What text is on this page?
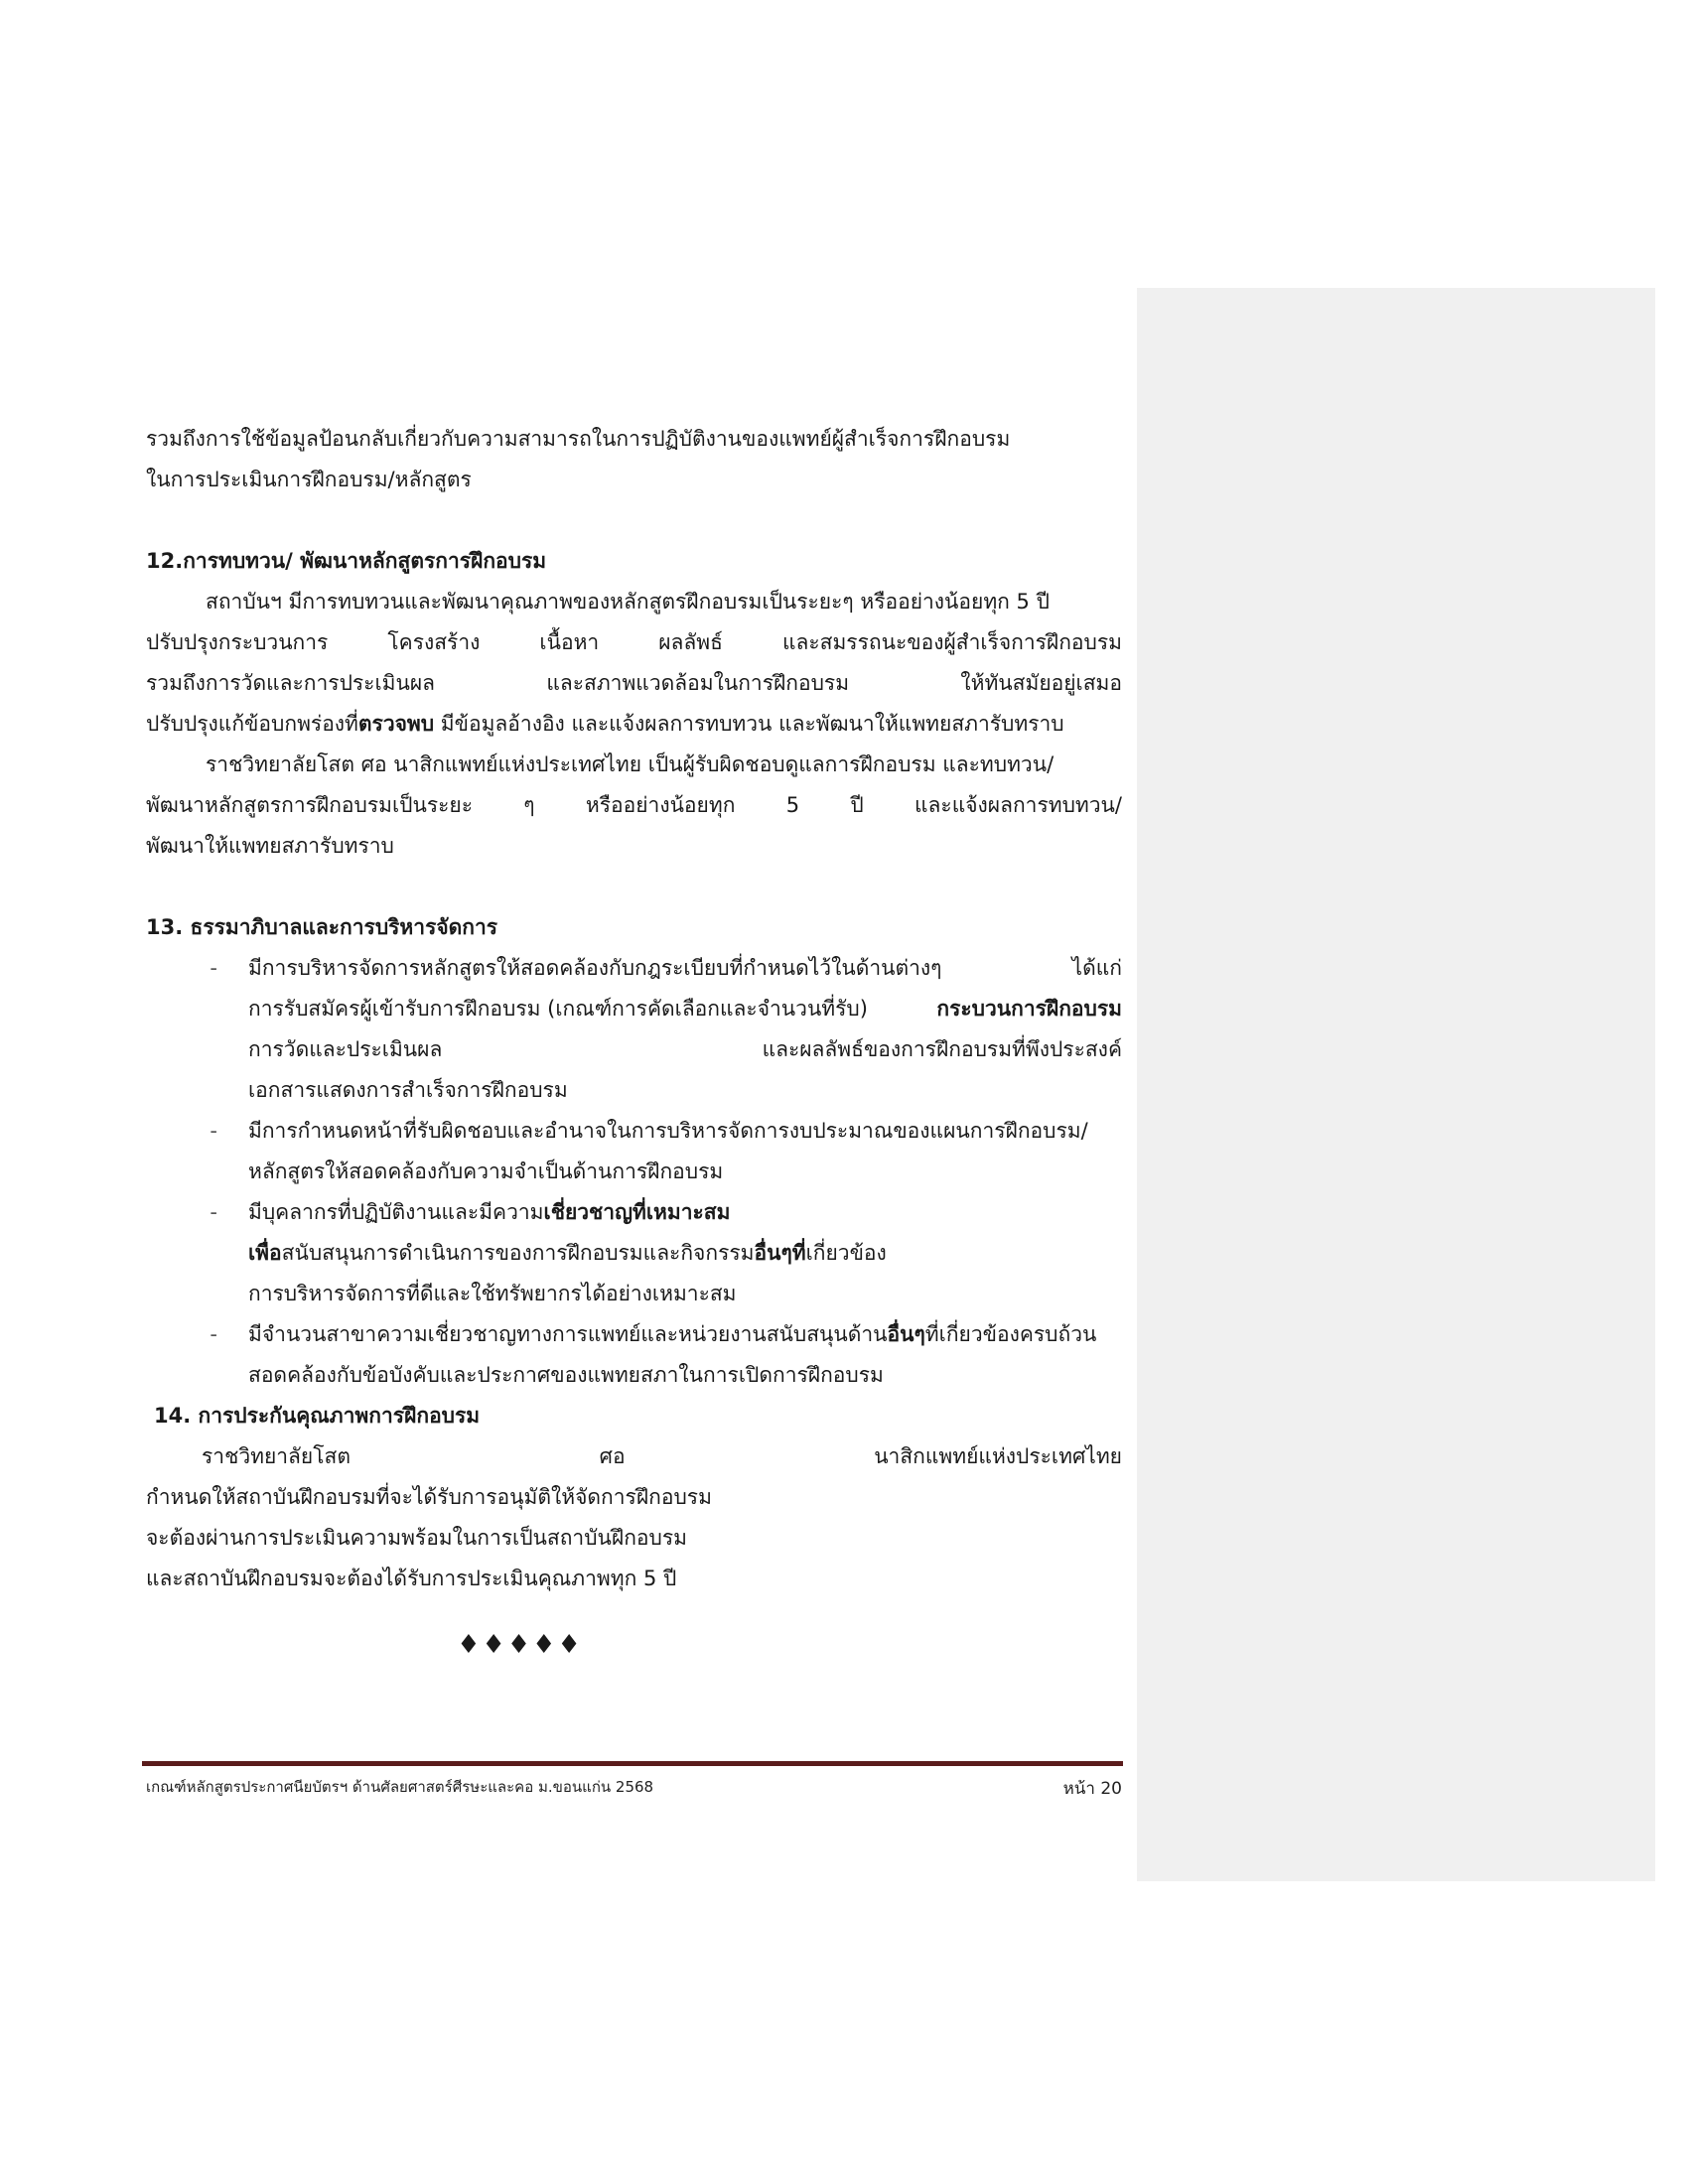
รวมถึงการใช้ข้อมูลป้อนกลับเกี่ยวกับความสามารถในการปฏิบัติงานของแพทย์ผู้สำเร็จการฝึกอบรม
ในการประเมินการฝึกอบรม/หลักสูตร
12.การทบทวน/ พัฒนาหลักสูตรการฝึกอบรม
สถาบันฯ มีการทบทวนและพัฒนาคุณภาพของหลักสูตรฝึกอบรมเป็นระยะๆ หรืออย่างน้อยทุก 5 ปี
ปรับปรุงกระบวนการ	โครงสร้าง	เนื้อหา	ผลลัพธ์	และสมรรถนะของผู้สำเร็จการฝึกอบรม
รวมถึงการวัดและการประเมินผล	และสภาพแวดล้อมในการฝึกอบรม	ให้ทันสมัยอยู่เสมอ
ปรับปรุงแก้ข้อบกพร่องที่ตรวจพบ มีข้อมูลอ้างอิง และแจ้งผลการทบทวน และพัฒนาให้แพทยสภารับทราบ
ราชวิทยาลัยโสต ศอ นาสิกแพทย์แห่งประเทศไทย เป็นผู้รับผิดชอบดูแลการฝึกอบรม และทบทวน/
พัฒนาหลักสูตรการฝึกอบรมเป็นระยะ ๆ หรืออย่างน้อยทุก 5 ปี และแจ้งผลการทบทวน/
พัฒนาให้แพทยสภารับทราบ
13. ธรรมาภิบาลและการบริหารจัดการ
-	มีการบริหารจัดการหลักสูตรให้สอดคล้องกับกฎระเบียบที่กำหนดไว้ในด้านต่างๆ	ได้แก่
การรับสมัครผู้เข้ารับการฝึกอบรม (เกณฑ์การคัดเลือกและจำนวนที่รับ)	กระบวนการฝึกอบรม
การวัดและประเมินผล	และผลลัพธ์ของการฝึกอบรมที่พึงประสงค์
เอกสารแสดงการสำเร็จการฝึกอบรม
-	มีการกำหนดหน้าที่รับผิดชอบและอำนาจในการบริหารจัดการงบประมาณของแผนการฝึกอบรม/
หลักสูตรให้สอดคล้องกับความจำเป็นด้านการฝึกอบรม
-	มีบุคลากรที่ปฏิบัติงานและมีความเชี่ยวชาญที่เหมาะสม
เพื่อสนับสนุนการดำเนินการของการฝึกอบรมและกิจกรรมอื่นๆที่เกี่ยวข้อง
การบริหารจัดการที่ดีและใช้ทรัพยากรได้อย่างเหมาะสม
-	มีจำนวนสาขาความเชี่ยวชาญทางการแพทย์และหน่วยงานสนับสนุนด้านอื่นๆที่เกี่ยวข้องครบถ้วน
สอดคล้องกับข้อบังคับและประกาศของแพทยสภาในการเปิดการฝึกอบรม
14. การประกันคุณภาพการฝึกอบรม
ราชวิทยาลัยโสต	ศอ	นาสิกแพทย์แห่งประเทศไทย
กำหนดให้สถาบันฝึกอบรมที่จะได้รับการอนุมัติให้จัดการฝึกอบรม
จะต้องผ่านการประเมินความพร้อมในการเป็นสถาบันฝึกอบรม
และสถาบันฝึกอบรมจะต้องได้รับการประเมินคุณภาพทุก 5 ปี
♦♦♦♦♦
เกณฑ์หลักสูตรประกาศนียบัตรฯ ด้านศัลยศาสตร์ศีรษะและคอ ม.ขอนแก่น 2568	หน้า 20
